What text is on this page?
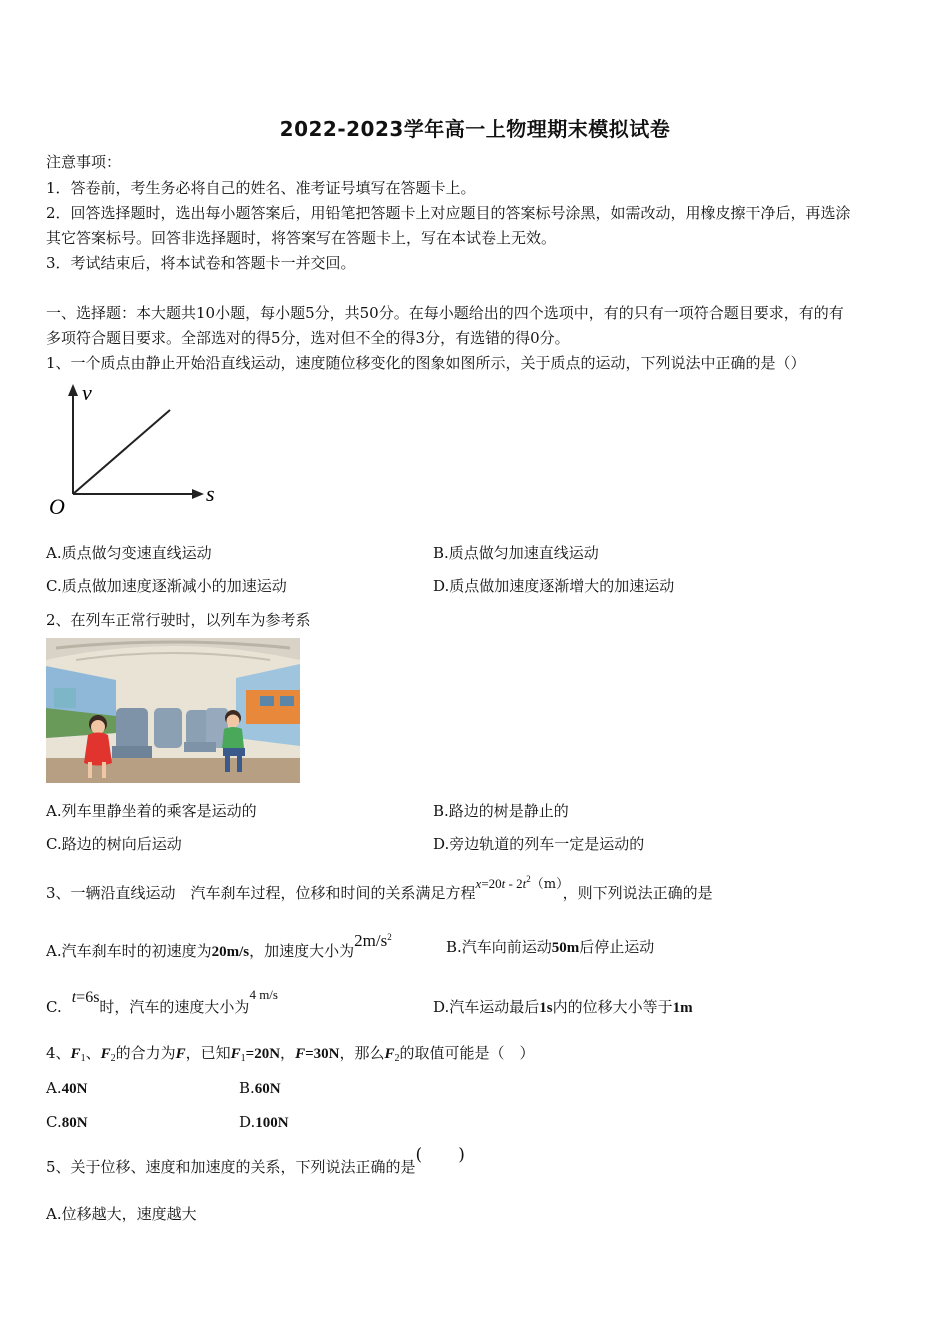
2022-2023学年高一上物理期末模拟试卷
注意事项：
1．答卷前，考生务必将自己的姓名、准考证号填写在答题卡上。
2．回答选择题时，选出每小题答案后，用铅笔把答题卡上对应题目的答案标号涂黑，如需改动，用橡皮擦干净后，再选涂
其它答案标号。回答非选择题时，将答案写在答题卡上，写在本试卷上无效。
3．考试结束后，将本试卷和答题卡一并交回。
一、选择题：本大题共10小题，每小题5分，共50分。在每小题给出的四个选项中，有的只有一项符合题目要求，有的有
多项符合题目要求。全部选对的得5分，选对但不全的得3分，有选错的得0分。
1、一个质点由静止开始沿直线运动，速度随位移变化的图象如图所示，关于质点的运动，下列说法中正确的是（）
v
s
O
A.质点做匀变速直线运动	B.质点做匀加速直线运动
C.质点做加速度逐渐减小的加速运动	D.质点做加速度逐渐增大的加速运动
2、在列车正常行驶时，以列车为参考系
A.列车里静坐着的乘客是运动的	B.路边的树是静止的
C.路边的树向后运动	D.旁边轨道的列车一定是运动的
3、一辆沿直线运动　汽车刹车过程，位移和时间的关系满足方程$x=20t - 2t^2(m)$，则下列说法正确的是
A.汽车刹车时的初速度为20m/s，加速度大小为$2m/s^2$
B.汽车向前运动50m后停止运动
C.t=6s时，汽车的速度大小为4 m/s
D.汽车运动最后1s内的位移大小等于1m
4、$F_1$、$F_2$的合力为F，已知$F_1=20N$，F=30N，那么$F_2$的取值可能是（　）
A.40N	B.60N
C.80N	D.100N
5、关于位移、速度和加速度的关系，下列说法正确的是( )
A.位移越大，速度越大
